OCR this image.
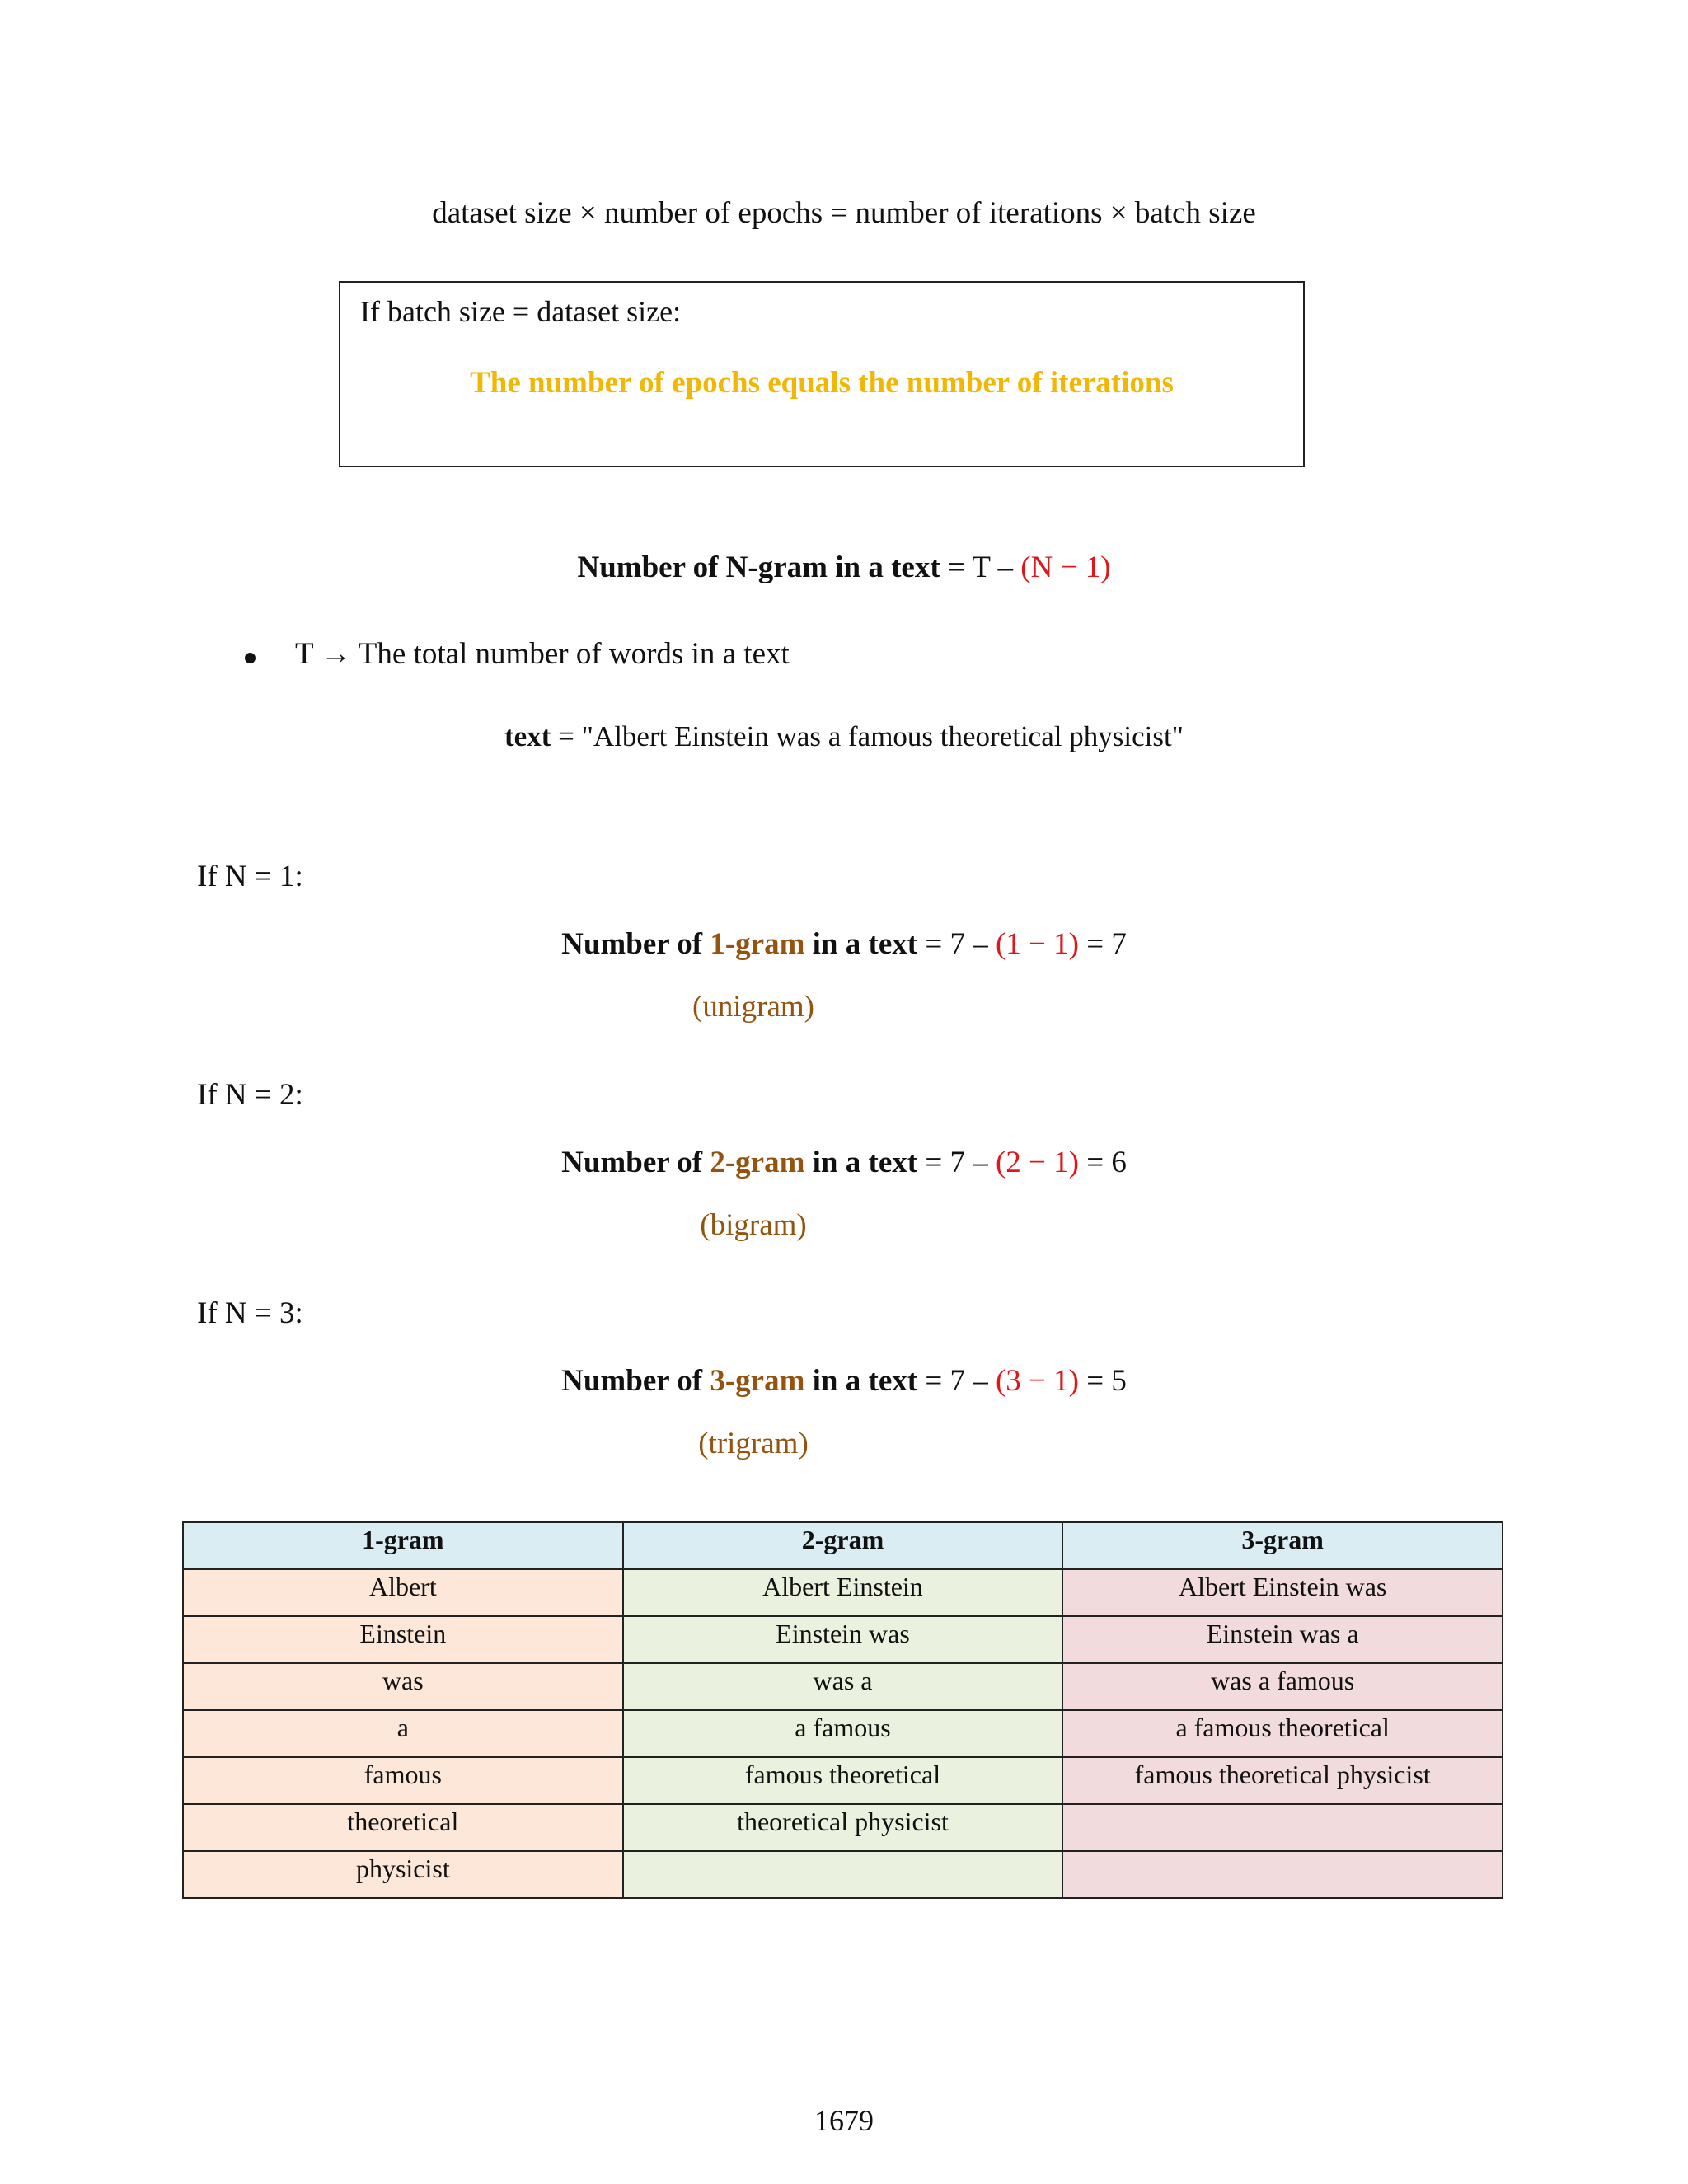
dataset size × number of epochs = number of iterations × batch size
If batch size = dataset size:
The number of epochs equals the number of iterations
Number of N-gram in a text = T – (N − 1)
T → The total number of words in a text
text = "Albert Einstein was a famous theoretical physicist"
If N = 1:
Number of 1-gram in a text = 7 – (1 − 1) = 7
(unigram)
If N = 2:
Number of 2-gram in a text = 7 – (2 − 1) = 6
(bigram)
If N = 3:
Number of 3-gram in a text = 7 – (3 − 1) = 5
(trigram)
1-gram	2-gram	3-gram
Albert	Albert Einstein	Albert Einstein was
Einstein	Einstein was	Einstein was a
was	was a	was a famous
a	a famous	a famous theoretical
famous	famous theoretical	famous theoretical physicist
theoretical	theoretical physicist	
physicist		
1679
